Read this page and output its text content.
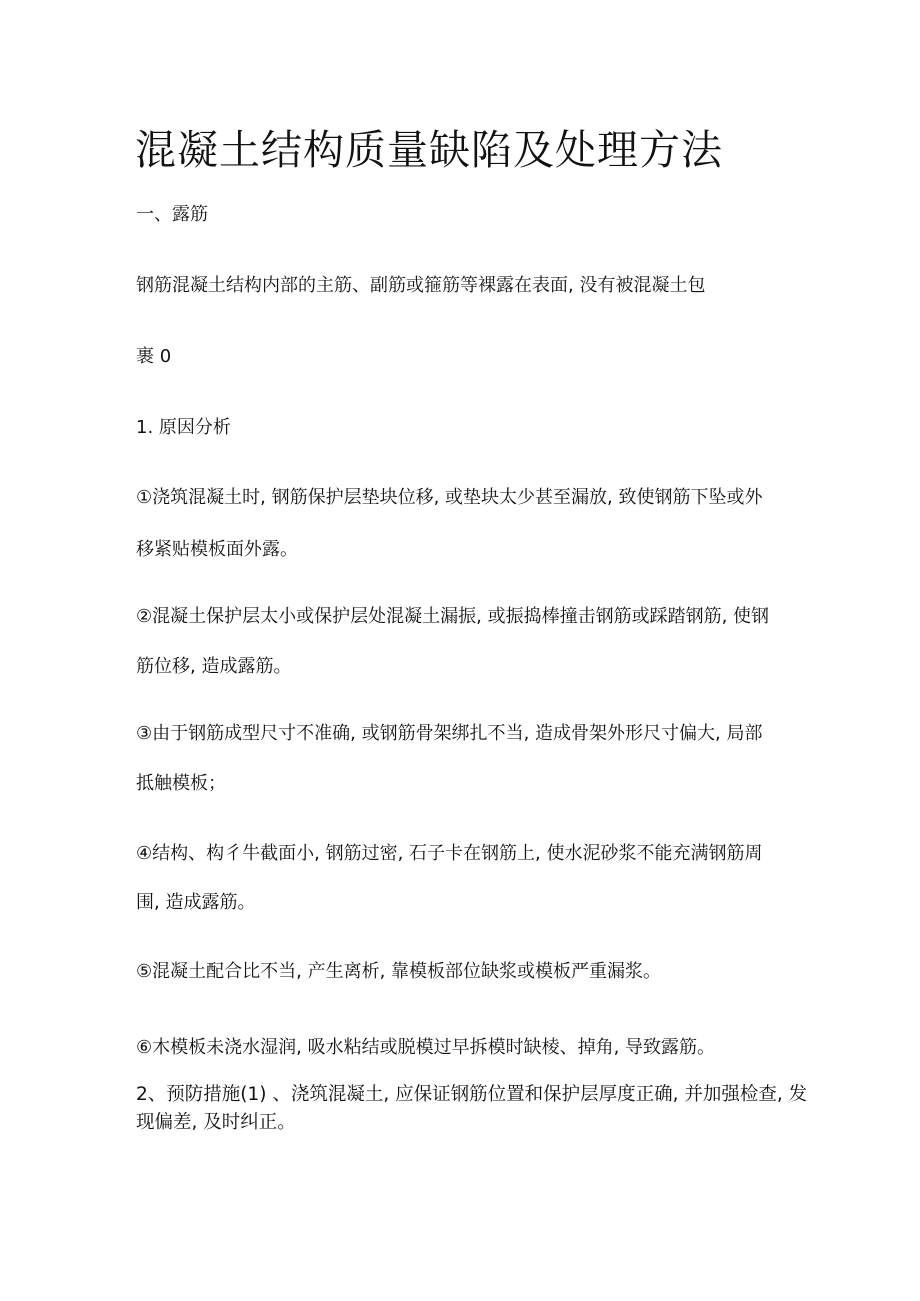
混凝土结构质量缺陷及处理方法

一、露筋

钢筋混凝土结构内部的主筋、副筋或箍筋等裸露在表面, 没有被混凝土包

裹 0

1. 原因分析

①浇筑混凝土时, 钢筋保护层垫块位移, 或垫块太少甚至漏放, 致使钢筋下坠或外

移紧贴模板面外露。

②混凝土保护层太小或保护层处混凝土漏振, 或振捣棒撞击钢筋或踩踏钢筋, 使钢

筋位移, 造成露筋。

③由于钢筋成型尺寸不准确, 或钢筋骨架绑扎不当, 造成骨架外形尺寸偏大, 局部

抵触模板；

④结构、构彳牛截面小, 钢筋过密, 石子卡在钢筋上, 使水泥砂浆不能充满钢筋周

围, 造成露筋。

⑤混凝土配合比不当, 产生离析, 靠模板部位缺浆或模板严重漏浆。

⑥木模板未浇水湿润, 吸水粘结或脱模过早拆模时缺棱、掉角, 导致露筋。

2、预防措施(1) 、浇筑混凝土, 应保证钢筋位置和保护层厚度正确, 并加强检查, 发

现偏差, 及时纠正。
